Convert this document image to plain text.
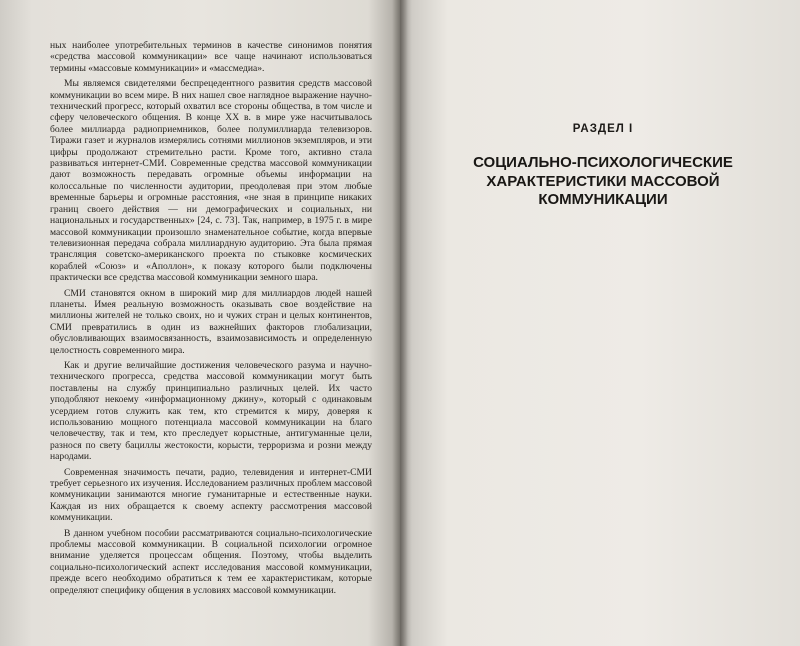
ных наиболее употребительных терминов в качестве синонимов понятия «средства массовой коммуникации» все чаще начинают использоваться термины «массовые коммуникации» и «массмедиа».

Мы являемся свидетелями беспрецедентного развития средств массовой коммуникации во всем мире. В них нашел свое наглядное выражение научно-технический прогресс, который охватил все стороны общества, в том числе и сферу человеческого общения. В конце XX в. в мире уже насчитывалось более миллиарда радиоприемников, более полумиллиарда телевизоров. Тиражи газет и журналов измерялись сотнями миллионов экземпляров, и эти цифры продолжают стремительно расти. Кроме того, активно стала развиваться интернет-СМИ. Современные средства массовой коммуникации дают возможность передавать огромные объемы информации на колоссальные по численности аудитории, преодолевая при этом любые временные барьеры и огромные расстояния, «не зная в принципе никаких границ своего действия — ни демографических и социальных, ни национальных и государственных» [24, с. 73]. Так, например, в 1975 г. в мире массовой коммуникации произошло знаменательное событие, когда впервые телевизионная передача собрала миллиардную аудиторию. Эта была прямая трансляция советско-американского проекта по стыковке космических кораблей «Союз» и «Аполлон», к показу которого были подключены практически все средства массовой коммуникации земного шара.

СМИ становятся окном в широкий мир для миллиардов людей нашей планеты. Имея реальную возможность оказывать свое воздействие на миллионы жителей не только своих, но и чужих стран и целых континентов, СМИ превратились в один из важнейших факторов глобализации, обусловливающих взаимосвязанность, взаимозависимость и определенную целостность современного мира.

Как и другие величайшие достижения человеческого разума и научно-технического прогресса, средства массовой коммуникации могут быть поставлены на службу принципиально различных целей. Их часто уподобляют некоему «информационному джину», который с одинаковым усердием готов служить как тем, кто стремится к миру, доверяя к использованию мощного потенциала массовой коммуникации на благо человечеству, так и тем, кто преследует корыстные, антигуманные цели, разнося по свету бациллы жестокости, корысти, терроризма и розни между народами.

Современная значимость печати, радио, телевидения и интернет-СМИ требует серьезного их изучения. Исследованием различных проблем массовой коммуникации занимаются многие гуманитарные и естественные науки. Каждая из них обращается к своему аспекту рассмотрения массовой коммуникации.

В данном учебном пособии рассматриваются социально-психологические проблемы массовой коммуникации. В социальной психологии огромное внимание уделяется процессам общения. Поэтому, чтобы выделить социально-психологический аспект исследования массовой коммуникации, прежде всего необходимо обратиться к тем ее характеристикам, которые определяют специфику общения в условиях массовой коммуникации.

РАЗДЕЛ I
СОЦИАЛЬНО-ПСИХОЛОГИЧЕСКИЕ
ХАРАКТЕРИСТИКИ МАССОВОЙ
КОММУНИКАЦИИ
